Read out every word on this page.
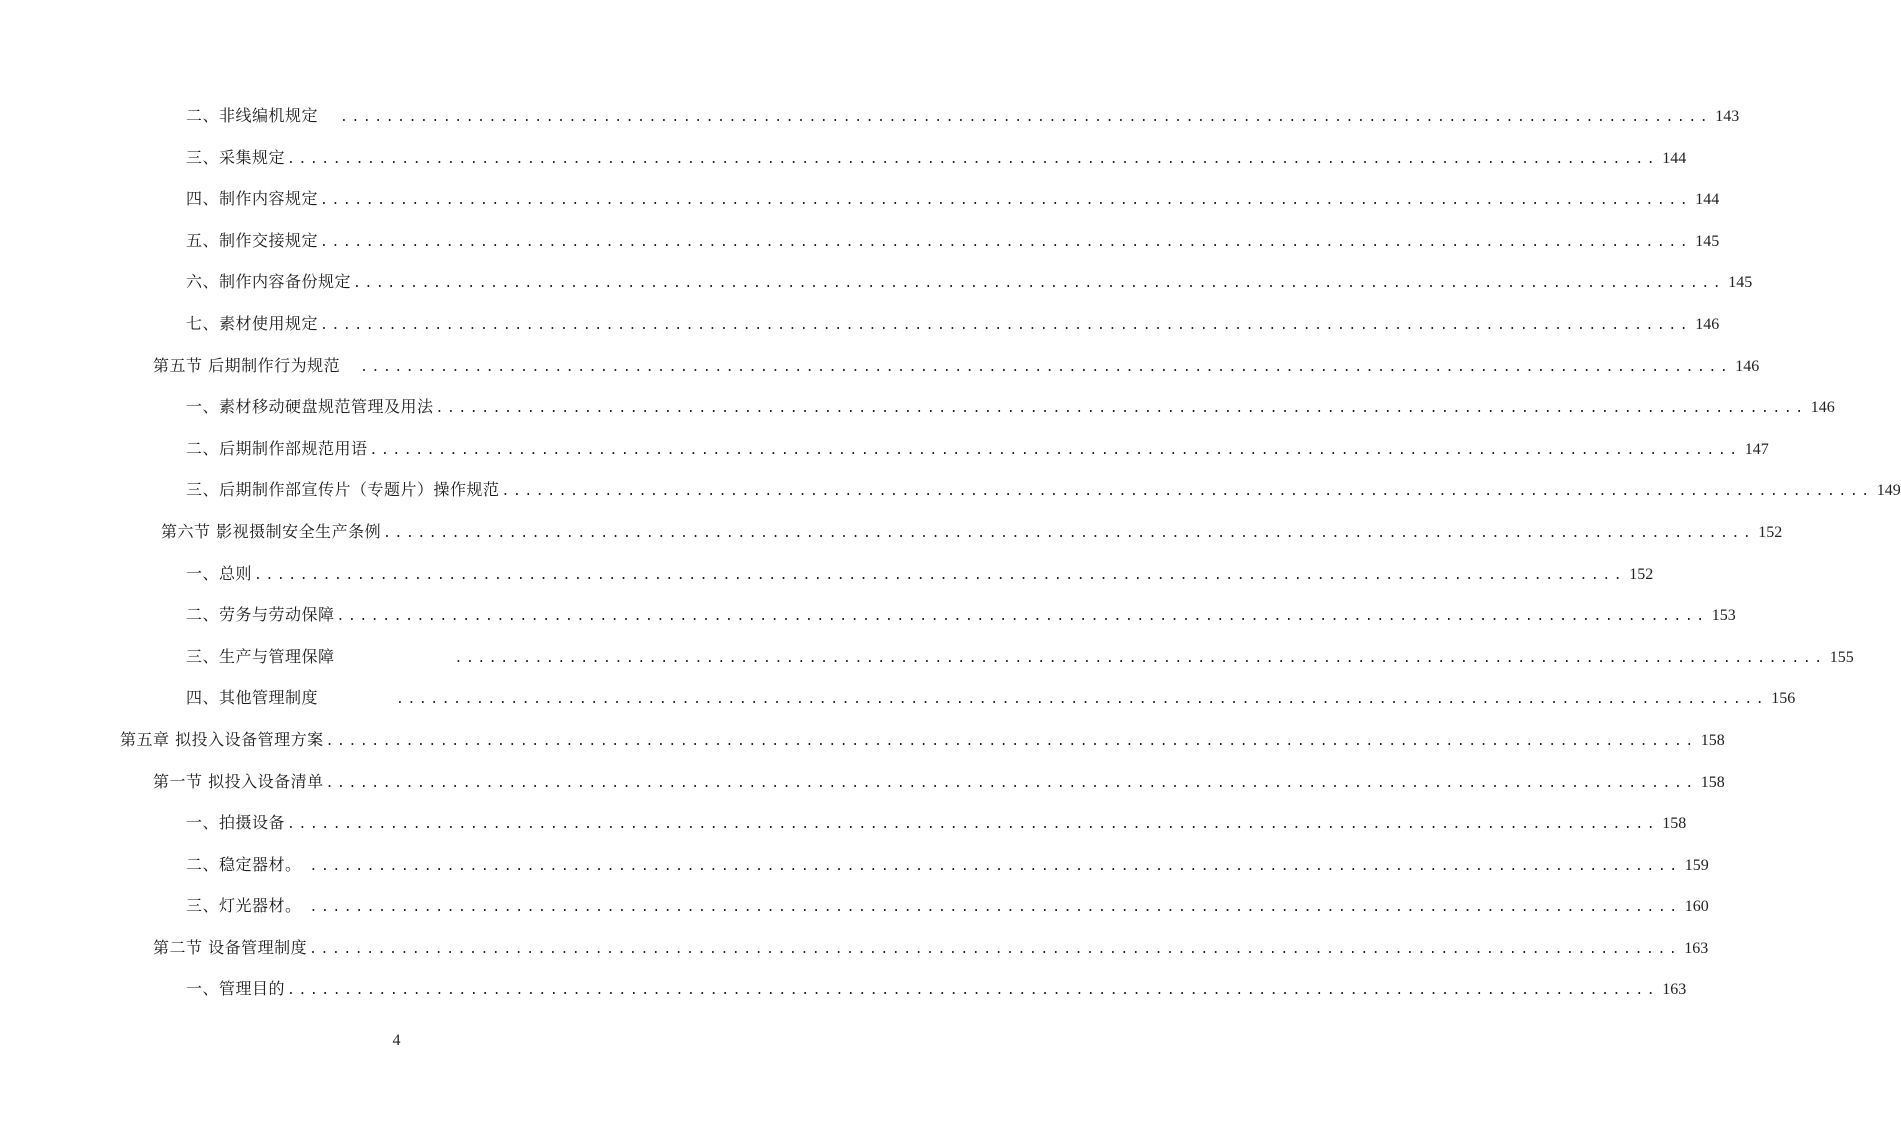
二、非线编机规定 ........................................................................................................................ 143
三、采集规定 ........................................................................................................................ 144
四、制作内容规定 ........................................................................................................................ 144
五、制作交接规定 ........................................................................................................................ 145
六、制作内容备份规定 ........................................................................................................................ 145
七、素材使用规定 ........................................................................................................................ 146
第五节 后期制作行为规范 ........................................................................................................................ 146
一、素材移动硬盘规范管理及用法 ........................................................................................................................ 146
二、后期制作部规范用语 ........................................................................................................................ 147
三、后期制作部宣传片（专题片）操作规范 ........................................................................................................................ 149
第六节 影视摄制安全生产条例 ........................................................................................................................ 152
一、总则 ........................................................................................................................ 152
二、劳务与劳动保障 ........................................................................................................................ 153
三、生产与管理保障	........................................................................................................................ 155
四、其他管理制度	........................................................................................................................ 156
第五章 拟投入设备管理方案 ........................................................................................................................ 158
第一节 拟投入设备清单 ........................................................................................................................ 158
一、拍摄设备 ........................................................................................................................ 158
二、稳定器材。 ........................................................................................................................ 159
三、灯光器材。 ........................................................................................................................ 160
第二节 设备管理制度 ........................................................................................................................ 163
一、管理目的 ........................................................................................................................ 163
4
